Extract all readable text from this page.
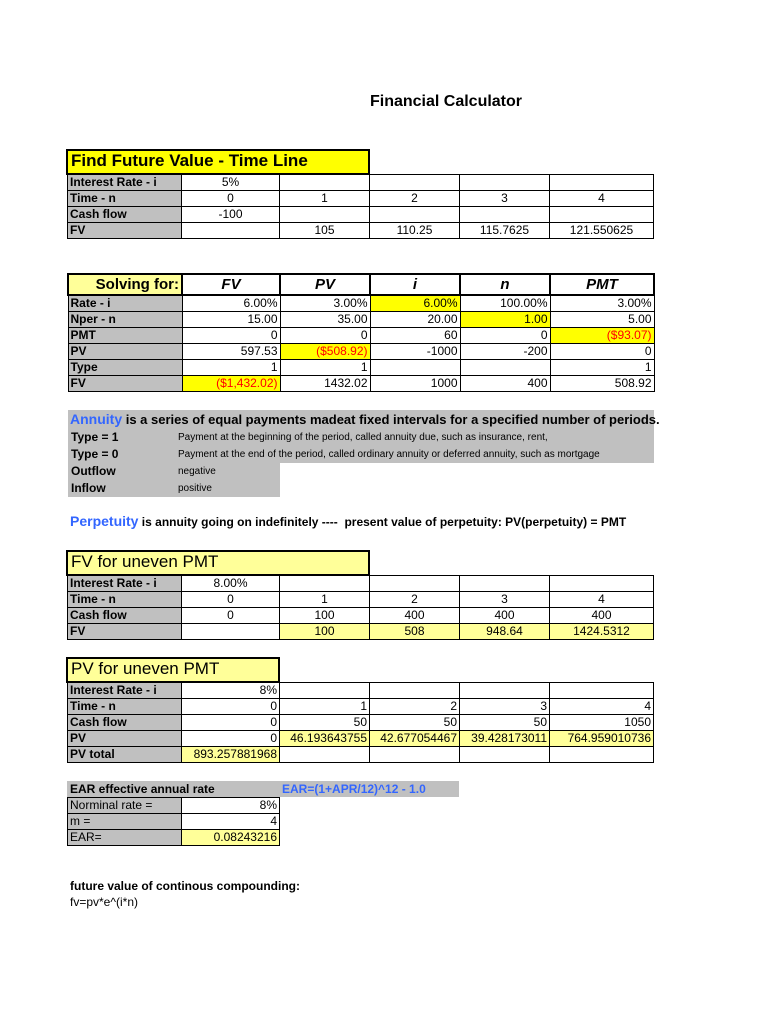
Financial Calculator
Find Future Value - Time Line
Interest Rate - i	5%				
Time - n	0	1	2	3	4
Cash flow	-100				
FV		105	110.25	115.7625	121.550625
Solving for:	FV	PV	i	n	PMT
Rate - i	6.00%	3.00%	6.00%	100.00%	3.00%
Nper - n	15.00	35.00	20.00	1.00	5.00
PMT	0	0	60	0	($93.07)
PV	597.53	($508.92)	-1000	-200	0
Type	1	1			1
FV	($1,432.02)	1432.02	1000	400	508.92
Annuity is a series of equal payments madeat fixed intervals for a specified number of periods.
Type = 1	Payment at the beginning of the period, called annuity due, such as insurance, rent,
Type = 0	Payment at the end of the period, called ordinary annuity or deferred annuity, such as mortgage
Outflow	negative
Inflow	positive
Perpetuity is annuity going on indefinitely ----  present value of perpetuity: PV(perpetuity) = PMT
FV for uneven PMT
Interest Rate - i	8.00%				
Time - n	0	1	2	3	4
Cash flow	0	100	400	400	400
FV		100	508	948.64	1424.5312
PV for uneven PMT
Interest Rate - i	8%				
Time - n	0	1	2	3	4
Cash flow	0	50	50	50	1050
PV	0	46.193643755	42.677054467	39.428173011	764.959010736
PV total	893.257881968				
EAR effective annual rate	EAR=(1+APR/12)^12 - 1.0
Norminal rate =	8%
m =	4
EAR=	0.08243216
future value of continous compounding:
fv=pv*e^(i*n)
